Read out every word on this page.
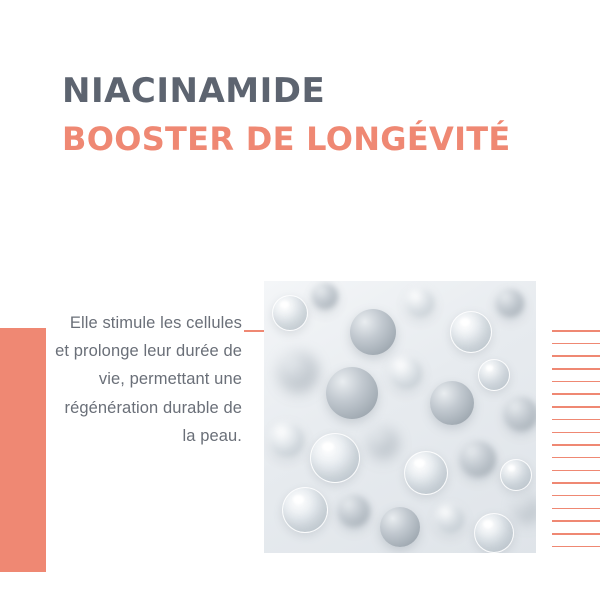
NIACINAMIDE
BOOSTER DE LONGÉVITÉ

Elle stimule les cellules et prolonge leur durée de vie, permettant une régénération durable de la peau.
